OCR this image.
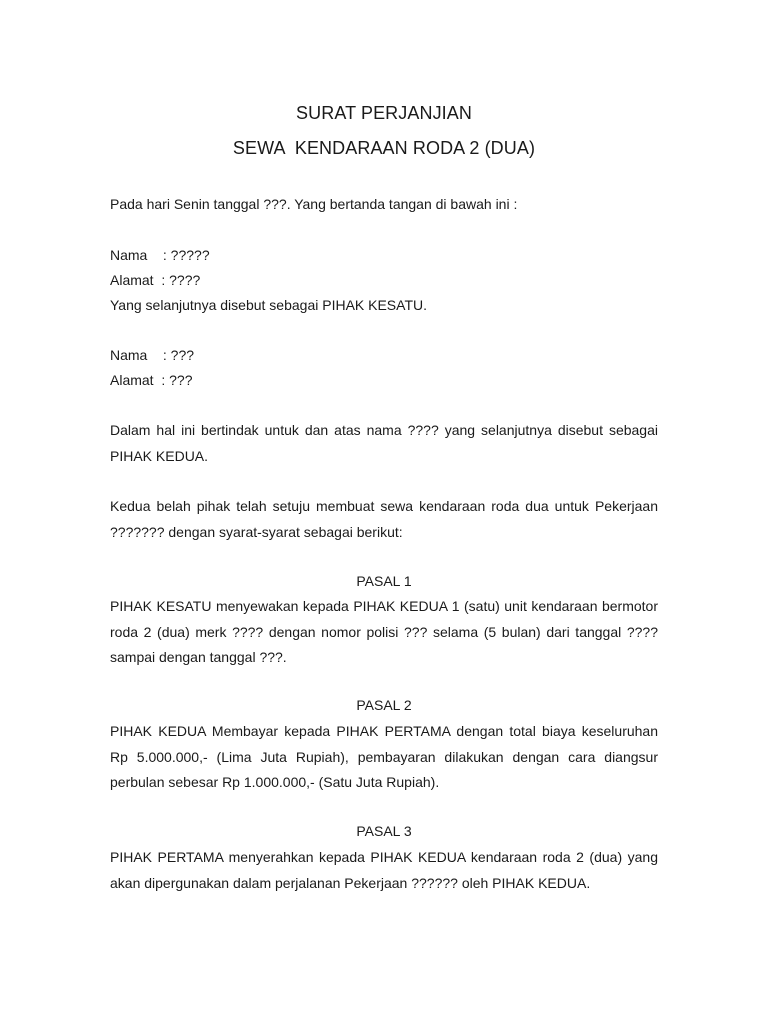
SURAT PERJANJIAN
SEWA  KENDARAAN RODA 2 (DUA)
Pada hari Senin tanggal ???. Yang bertanda tangan di bawah ini :
Nama    : ?????
Alamat  : ????
Yang selanjutnya disebut sebagai PIHAK KESATU.
Nama    : ???
Alamat  : ???

Dalam hal ini bertindak untuk dan atas nama ???? yang selanjutnya disebut sebagai PIHAK KEDUA.

Kedua belah pihak telah setuju membuat sewa kendaraan roda dua untuk Pekerjaan ??????? dengan syarat-syarat sebagai berikut:

PASAL 1

PIHAK KESATU menyewakan kepada PIHAK KEDUA 1 (satu) unit kendaraan bermotor roda 2 (dua) merk ???? dengan nomor polisi ??? selama (5 bulan) dari tanggal ???? sampai dengan tanggal ???.

PASAL 2

PIHAK KEDUA Membayar kepada PIHAK PERTAMA dengan total biaya keseluruhan Rp 5.000.000,- (Lima Juta Rupiah), pembayaran dilakukan dengan cara diangsur perbulan sebesar Rp 1.000.000,- (Satu Juta Rupiah).

PASAL 3

PIHAK PERTAMA menyerahkan kepada PIHAK KEDUA kendaraan roda 2 (dua) yang akan dipergunakan dalam perjalanan Pekerjaan ?????? oleh PIHAK KEDUA.
